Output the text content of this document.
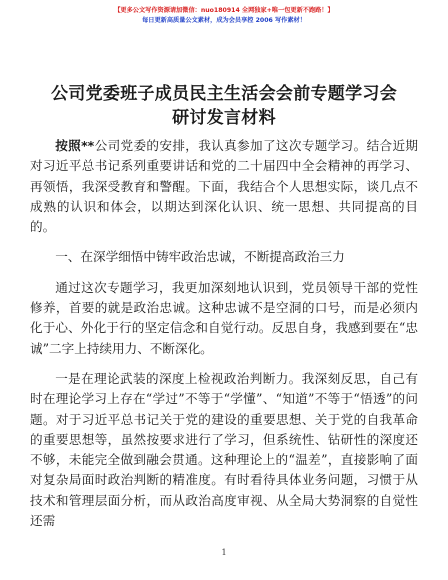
【更多公文写作资源请加微信：nuo180914 全网独家+唯一包更新不跑路！】
每日更新高质量公文素材，成为会员享控 2006 写作素材！
公司党委班子成员民主生活会会前专题学习会
研讨发言材料

按照**公司党委的安排，我认真参加了这次专题学习。结合近期对习近平总书记系列重要讲话和党的二十届四中全会精神的再学习、再领悟，我深受教育和警醒。下面，我结合个人思想实际，谈几点不成熟的认识和体会，以期达到深化认识、统一思想、共同提高的目的。

一、在深学细悟中铸牢政治忠诚，不断提高政治三力

通过这次专题学习，我更加深刻地认识到，党员领导干部的党性修养，首要的就是政治忠诚。这种忠诚不是空洞的口号，而是必须内化于心、外化于行的坚定信念和自觉行动。反思自身，我感到要在“忠诚”二字上持续用力、不断深化。

一是在理论武装的深度上检视政治判断力。我深刻反思，自己有时在理论学习上存在“学过”不等于“学懂”、“知道”不等于“悟透”的问题。对于习近平总书记关于党的建设的重要思想、关于党的自我革命的重要思想等，虽然按要求进行了学习，但系统性、钻研性的深度还不够，未能完全做到融会贯通。这种理论上的“温差”，直接影响了面对复杂局面时政治判断的精准度。有时看待具体业务问题，习惯于从技术和管理层面分析，而从政治高度审视、从全局大势洞察的自觉性还需

1
